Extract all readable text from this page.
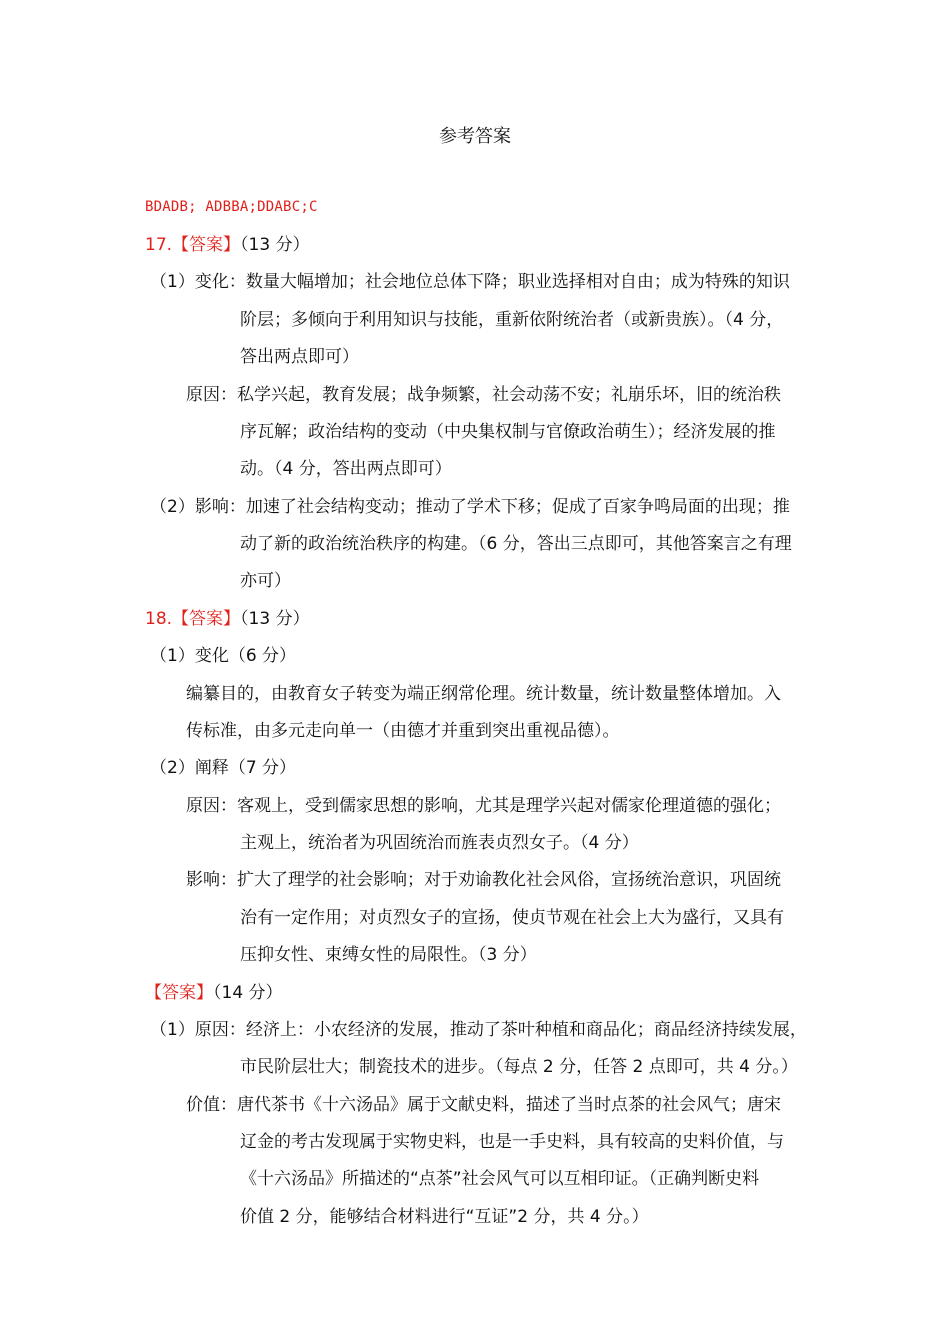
参考答案
BDADB; ADBBA;DDABC;C
17.【答案】（13 分）
（1）变化：数量大幅增加；社会地位总体下降；职业选择相对自由；成为特殊的知识
阶层；多倾向于利用知识与技能，重新依附统治者（或新贵族）。（4 分，
答出两点即可）
原因：私学兴起，教育发展；战争频繁，社会动荡不安；礼崩乐坏，旧的统治秩
序瓦解；政治结构的变动（中央集权制与官僚政治萌生）；经济发展的推
动。（4 分，答出两点即可）
（2）影响：加速了社会结构变动；推动了学术下移；促成了百家争鸣局面的出现；推
动了新的政治统治秩序的构建。（6 分，答出三点即可，其他答案言之有理
亦可）
18.【答案】（13 分）
（1）变化（6 分）
编纂目的，由教育女子转变为端正纲常伦理。统计数量，统计数量整体增加。入
传标准，由多元走向单一（由德才并重到突出重视品德）。
（2）阐释（7 分）
原因：客观上，受到儒家思想的影响，尤其是理学兴起对儒家伦理道德的强化；
主观上，统治者为巩固统治而旌表贞烈女子。（4 分）
影响：扩大了理学的社会影响；对于劝谕教化社会风俗，宣扬统治意识，巩固统
治有一定作用；对贞烈女子的宣扬，使贞节观在社会上大为盛行，又具有
压抑女性、束缚女性的局限性。（3 分）
【答案】（14 分）
（1）原因：经济上：小农经济的发展，推动了茶叶种植和商品化；商品经济持续发展，
市民阶层壮大；制瓷技术的进步。（每点 2 分，任答 2 点即可，共 4 分。）
价值：唐代茶书《十六汤品》属于文献史料，描述了当时点茶的社会风气；唐宋
辽金的考古发现属于实物史料，也是一手史料，具有较高的史料价值，与
《十六汤品》所描述的“点茶”社会风气可以互相印证。（正确判断史料
价值 2 分，能够结合材料进行“互证”2 分，共 4 分。）
